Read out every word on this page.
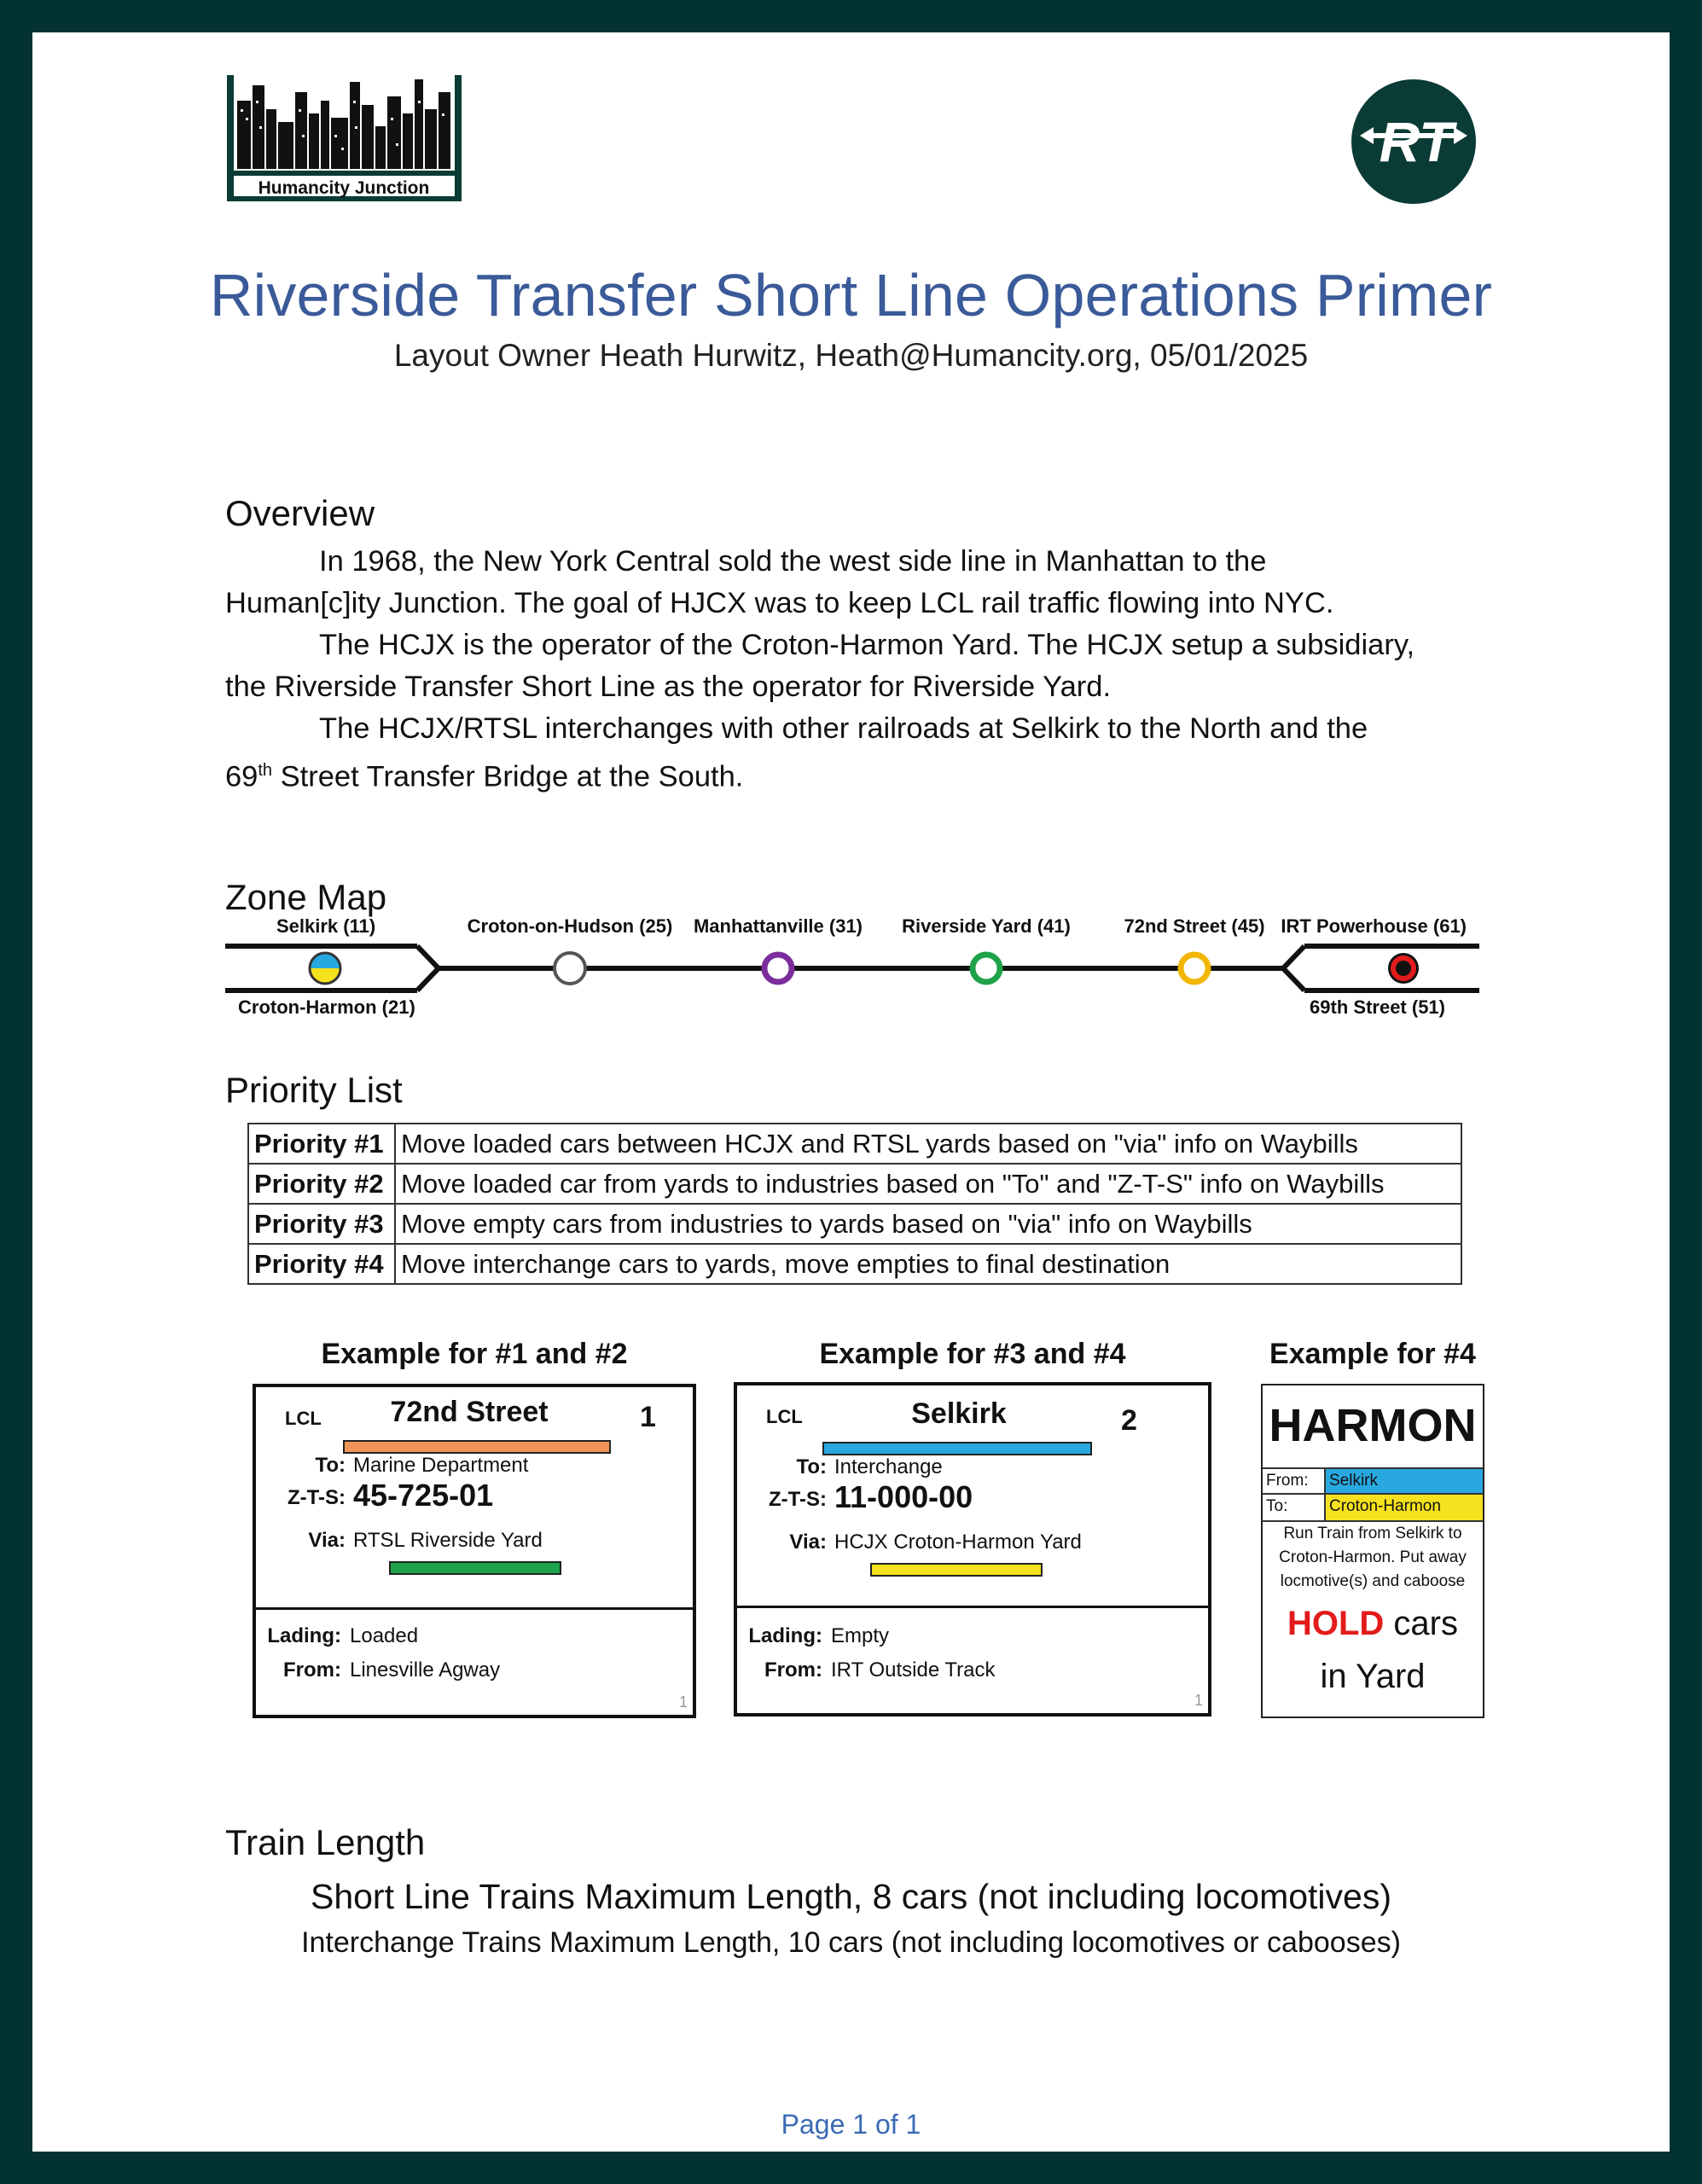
Humancity Junction
RT
Riverside Transfer Short Line Operations Primer
Layout Owner Heath Hurwitz, Heath@Humancity.org, 05/01/2025
Overview

In 1968, the New York Central sold the west side line in Manhattan to the

Human[c]ity Junction. The goal of HJCX was to keep LCL rail traffic flowing into NYC.

The HCJX is the operator of the Croton-Harmon Yard. The HCJX setup a subsidiary,

the Riverside Transfer Short Line as the operator for Riverside Yard.

The HCJX/RTSL interchanges with other railroads at Selkirk to the North and the

69th Street Transfer Bridge at the South.

Zone Map
Selkirk (11)
Croton-Harmon (21)
Croton-on-Hudson (25) Manhattanville (31) Riverside Yard (41)	72nd Street (45) IRT Powerhouse (61)
69th Street (51)
Priority List
Priority #1	Move loaded cars between HCJX and RTSL yards based on "via" info on Waybills
Priority #2	Move loaded car from yards to industries based on "To" and "Z-T-S" info on Waybills
Priority #3	Move empty cars from industries to yards based on "via" info on Waybills
Priority #4	Move interchange cars to yards, move empties to final destination
Example for #1 and #2
LCL	72nd Street	1
To: Marine Department
Z-T-S: 45-725-01
Via: RTSL Riverside Yard
Lading: Loaded
From: Linesville Agway
1
Example for #3 and #4
LCL	Selkirk	2
To: Interchange
Z-T-S: 11-000-00
Via: HCJX Croton-Harmon Yard
Lading: Empty
From: IRT Outside Track
1
Example for #4
HARMON
From:	Selkirk
To:	Croton-Harmon
Run Train from Selkirk to
Croton-Harmon. Put away
locmotive(s) and caboose
HOLD cars
in Yard
Train Length
Short Line Trains Maximum Length, 8 cars (not including locomotives)
Interchange Trains Maximum Length, 10 cars (not including locomotives or cabooses)
Page 1 of 1
